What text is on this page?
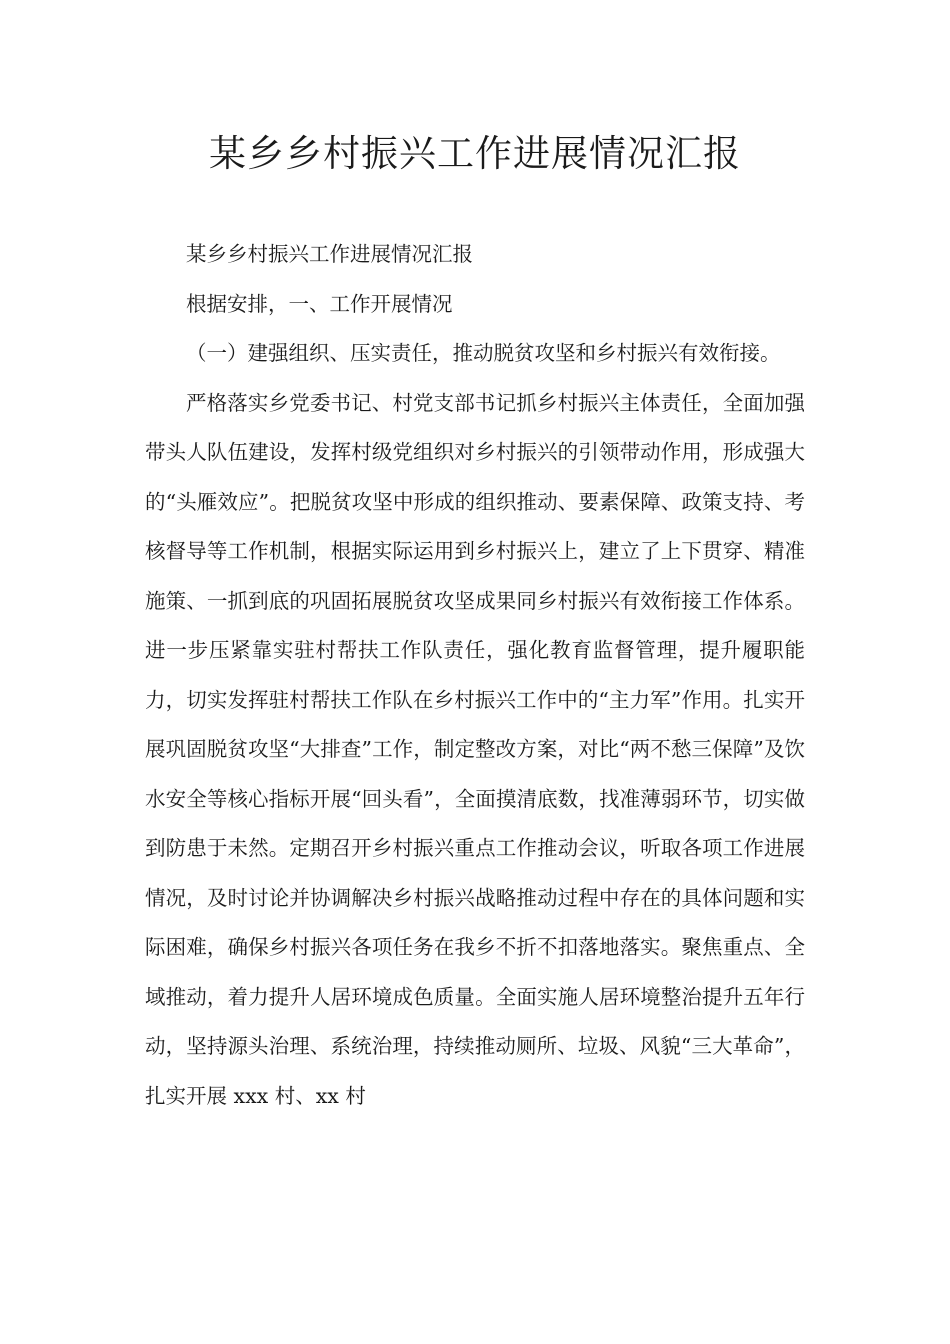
某乡乡村振兴工作进展情况汇报

某乡乡村振兴工作进展情况汇报

根据安排，一、工作开展情况

（一）建强组织、压实责任，推动脱贫攻坚和乡村振兴有效衔接。

严格落实乡党委书记、村党支部书记抓乡村振兴主体责任，全面加强带头人队伍建设，发挥村级党组织对乡村振兴的引领带动作用，形成强大的“头雁效应”。把脱贫攻坚中形成的组织推动、要素保障、政策支持、考核督导等工作机制，根据实际运用到乡村振兴上，建立了上下贯穿、精准施策、一抓到底的巩固拓展脱贫攻坚成果同乡村振兴有效衔接工作体系。进一步压紧靠实驻村帮扶工作队责任，强化教育监督管理，提升履职能力，切实发挥驻村帮扶工作队在乡村振兴工作中的“主力军”作用。扎实开展巩固脱贫攻坚“大排查”工作，制定整改方案，对比“两不愁三保障”及饮水安全等核心指标开展“回头看”，全面摸清底数，找准薄弱环节，切实做到防患于未然。定期召开乡村振兴重点工作推动会议，听取各项工作进展情况，及时讨论并协调解决乡村振兴战略推动过程中存在的具体问题和实际困难，确保乡村振兴各项任务在我乡不折不扣落地落实。聚焦重点、全域推动，着力提升人居环境成色质量。全面实施人居环境整治提升五年行动，坚持源头治理、系统治理，持续推动厕所、垃圾、风貌“三大革命”，扎实开展 xxx 村、xx 村
